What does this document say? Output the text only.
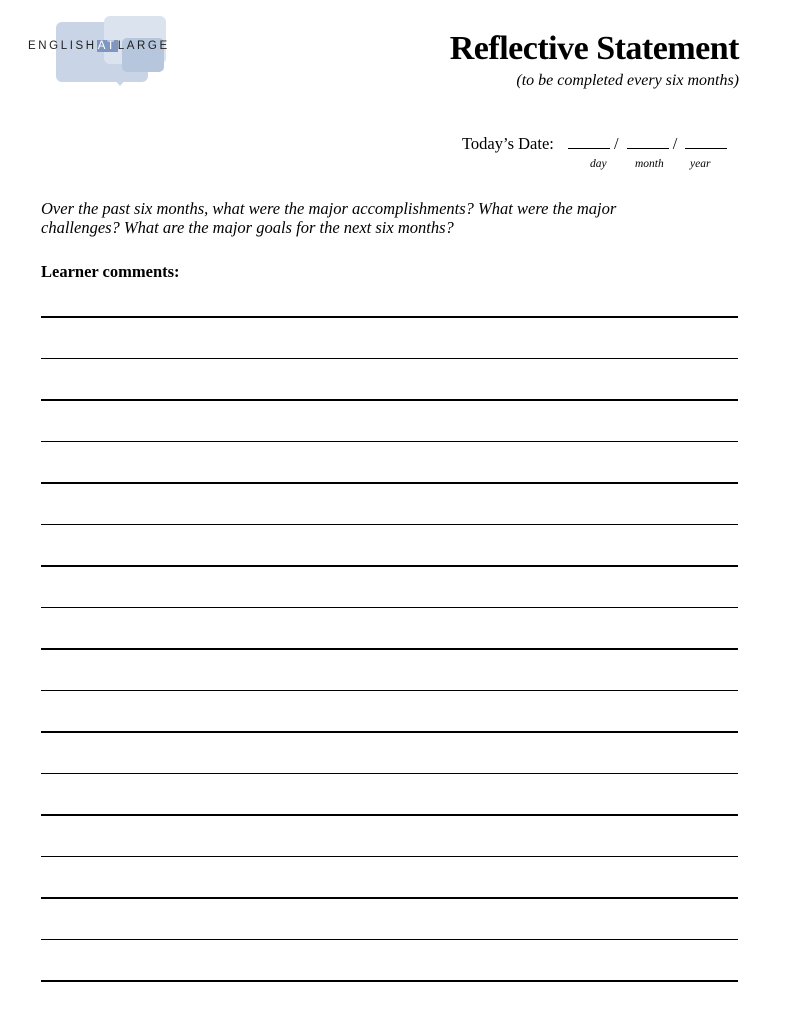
ENGLISHATLARGE	Reflective Statement
(to be completed every six months)
Today’s Date:	/	/
day month year
Over the past six months, what were the major accomplishments? What were the major
challenges? What are the major goals for the next six months?
Learner comments:
